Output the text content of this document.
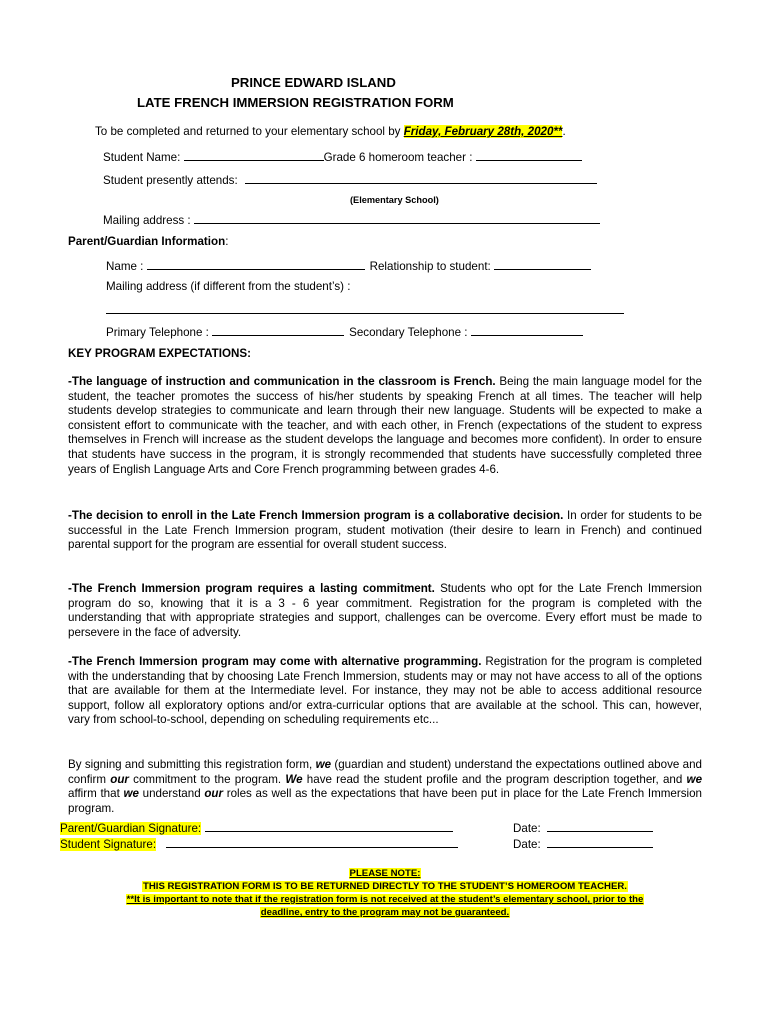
PRINCE EDWARD ISLAND
LATE FRENCH IMMERSION REGISTRATION FORM
To be completed and returned to your elementary school by Friday, February 28th, 2020**.
Student Name:	Grade 6 homeroom teacher :
Student presently attends:
(Elementary School)
Mailing address :
Parent/Guardian Information:
Name :	Relationship to student:
Mailing address (if different from the student’s) :
Primary Telephone :	Secondary Telephone :
KEY PROGRAM EXPECTATIONS:
-The language of instruction and communication in the classroom is French. Being the main language model for the student, the teacher promotes the success of his/her students by speaking French at all times. The teacher will help students develop strategies to communicate and learn through their new language. Students will be expected to make a consistent effort to communicate with the teacher, and with each other, in French (expectations of the student to express themselves in French will increase as the student develops the language and becomes more confident). In order to ensure that students have success in the program, it is strongly recommended that students have successfully completed three years of English Language Arts and Core French programming between grades 4-6.
-The decision to enroll in the Late French Immersion program is a collaborative decision. In order for students to be successful in the Late French Immersion program, student motivation (their desire to learn in French) and continued parental support for the program are essential for overall student success.
-The French Immersion program requires a lasting commitment. Students who opt for the Late French Immersion program do so, knowing that it is a 3 - 6 year commitment. Registration for the program is completed with the understanding that with appropriate strategies and support, challenges can be overcome. Every effort must be made to persevere in the face of adversity.
-The French Immersion program may come with alternative programming. Registration for the program is completed with the understanding that by choosing Late French Immersion, students may or may not have access to all of the options that are available for them at the Intermediate level. For instance, they may not be able to access additional resource support, follow all exploratory options and/or extra-curricular options that are available at the school. This can, however, vary from school-to-school, depending on scheduling requirements etc...
By signing and submitting this registration form, we (guardian and student) understand the expectations outlined above and confirm our commitment to the program. We have read the student profile and the program description together, and we affirm that we understand our roles as well as the expectations that have been put in place for the Late French Immersion program.
Parent/Guardian Signature:	Date:
Student Signature:	Date:
PLEASE NOTE:
THIS REGISTRATION FORM IS TO BE RETURNED DIRECTLY TO THE STUDENT’S HOMEROOM TEACHER.
**It is important to note that if the registration form is not received at the student’s elementary school, prior to the
deadline, entry to the program may not be guaranteed.
